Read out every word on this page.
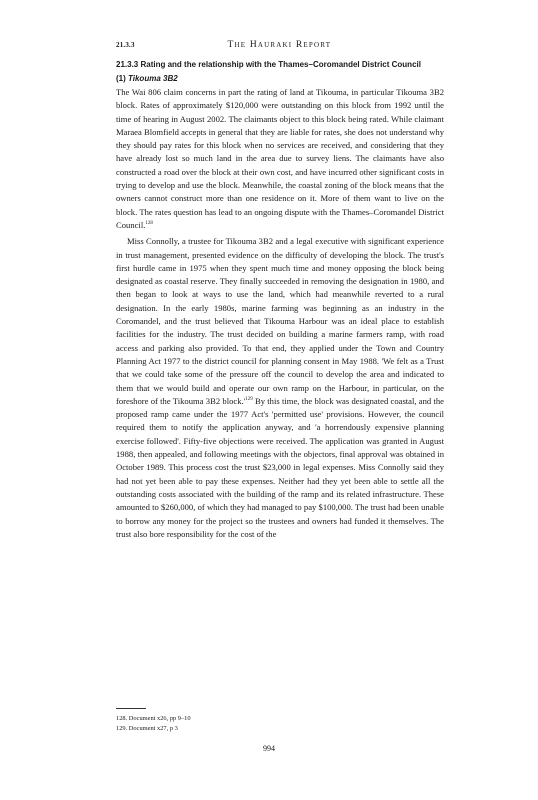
21.3.3	The Hauraki Report
21.3.3 Rating and the relationship with the Thames–Coromandel District Council
(1) Tikouma 3B2

The Wai 806 claim concerns in part the rating of land at Tikouma, in particular Tikouma 3B2 block. Rates of approximately $120,000 were outstanding on this block from 1992 until the time of hearing in August 2002. The claimants object to this block being rated. While claimant Maraea Blomfield accepts in general that they are liable for rates, she does not understand why they should pay rates for this block when no services are received, and considering that they have already lost so much land in the area due to survey liens. The claimants have also constructed a road over the block at their own cost, and have incurred other significant costs in trying to develop and use the block. Meanwhile, the coastal zoning of the block means that the owners cannot construct more than one residence on it. More of them want to live on the block. The rates question has lead to an ongoing dispute with the Thames–Coromandel District Council.$^{128}$

Miss Connolly, a trustee for Tikouma 3B2 and a legal executive with significant experience in trust management, presented evidence on the difficulty of developing the block. The trust's first hurdle came in 1975 when they spent much time and money opposing the block being designated as coastal reserve. They finally succeeded in removing the designation in 1980, and then began to look at ways to use the land, which had meanwhile reverted to a rural designation. In the early 1980s, marine farming was beginning as an industry in the Coromandel, and the trust believed that Tikouma Harbour was an ideal place to establish facilities for the industry. The trust decided on building a marine farmers ramp, with road access and parking also provided. To that end, they applied under the Town and Country Planning Act 1977 to the district council for planning consent in May 1988. 'We felt as a Trust that we could take some of the pressure off the council to develop the area and indicated to them that we would build and operate our own ramp on the Harbour, in particular, on the foreshore of the Tikouma 3B2 $block.'^{129}$ By this time, the block was designated coastal, and the proposed ramp came under the 1977 Act's 'permitted use' provisions. However, the council required them to notify the application anyway, and 'a horrendously expensive planning exercise followed'. Fifty-five objections were received. The application was granted in August 1988, then appealed, and following meetings with the objectors, final approval was obtained in October 1989. This process cost the trust $23,000 in legal expenses. Miss Connolly said they had not yet been able to pay these expenses. Neither had they yet been able to settle all the outstanding costs associated with the building of the ramp and its related infrastructure. These amounted to $260,000, of which they had managed to pay $100,000. The trust had been unable to borrow any money for the project so the trustees and owners had funded it themselves. The trust also bore responsibility for the cost of the

128. Document x26, pp 9–10

129. Document x27, p 3

994
